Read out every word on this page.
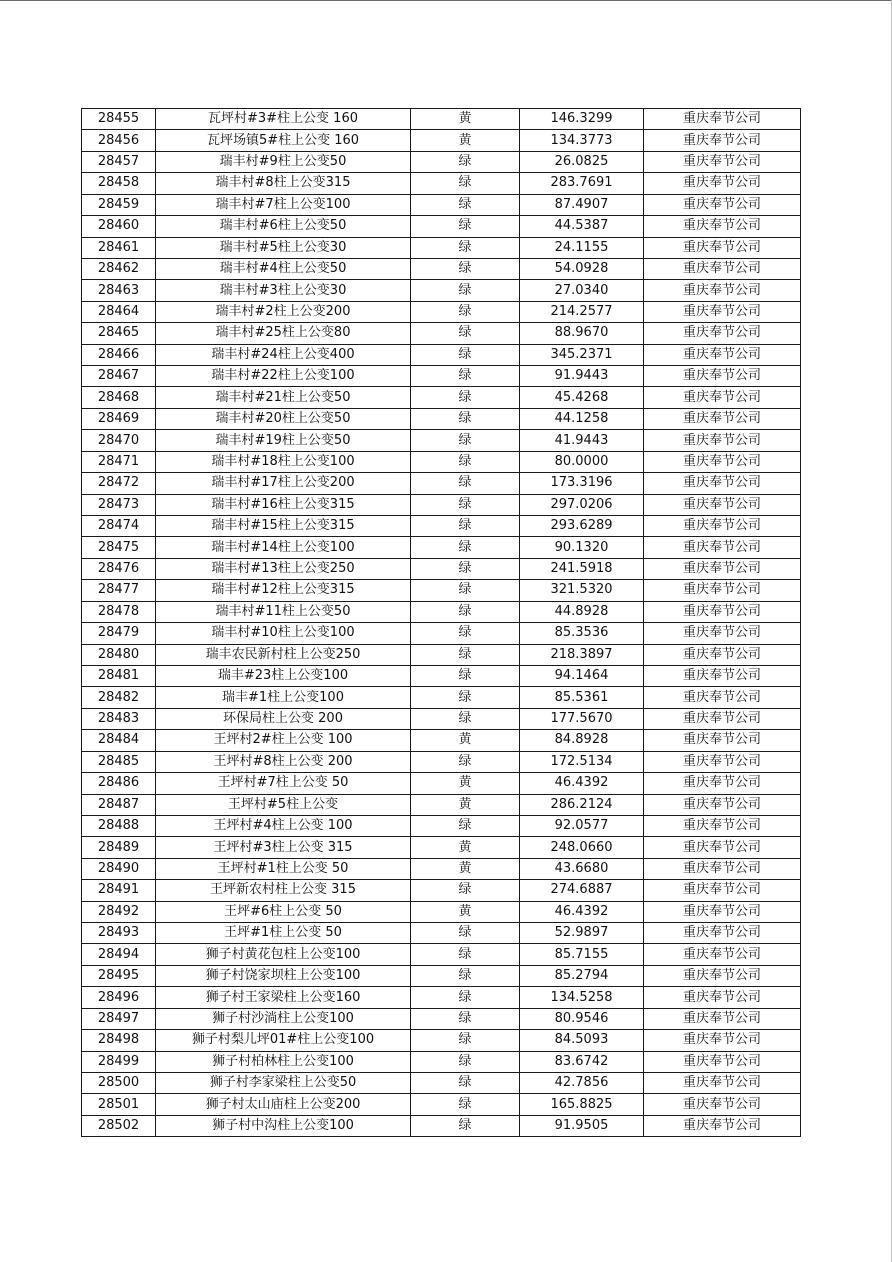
28455	瓦坪村#3#柱上公变 160	黄	146.3299	重庆奉节公司
28456	瓦坪场镇5#柱上公变 160	黄	134.3773	重庆奉节公司
28457	瑞丰村#9柱上公变50	绿	26.0825	重庆奉节公司
28458	瑞丰村#8柱上公变315	绿	283.7691	重庆奉节公司
28459	瑞丰村#7柱上公变100	绿	87.4907	重庆奉节公司
28460	瑞丰村#6柱上公变50	绿	44.5387	重庆奉节公司
28461	瑞丰村#5柱上公变30	绿	24.1155	重庆奉节公司
28462	瑞丰村#4柱上公变50	绿	54.0928	重庆奉节公司
28463	瑞丰村#3柱上公变30	绿	27.0340	重庆奉节公司
28464	瑞丰村#2柱上公变200	绿	214.2577	重庆奉节公司
28465	瑞丰村#25柱上公变80	绿	88.9670	重庆奉节公司
28466	瑞丰村#24柱上公变400	绿	345.2371	重庆奉节公司
28467	瑞丰村#22柱上公变100	绿	91.9443	重庆奉节公司
28468	瑞丰村#21柱上公变50	绿	45.4268	重庆奉节公司
28469	瑞丰村#20柱上公变50	绿	44.1258	重庆奉节公司
28470	瑞丰村#19柱上公变50	绿	41.9443	重庆奉节公司
28471	瑞丰村#18柱上公变100	绿	80.0000	重庆奉节公司
28472	瑞丰村#17柱上公变200	绿	173.3196	重庆奉节公司
28473	瑞丰村#16柱上公变315	绿	297.0206	重庆奉节公司
28474	瑞丰村#15柱上公变315	绿	293.6289	重庆奉节公司
28475	瑞丰村#14柱上公变100	绿	90.1320	重庆奉节公司
28476	瑞丰村#13柱上公变250	绿	241.5918	重庆奉节公司
28477	瑞丰村#12柱上公变315	绿	321.5320	重庆奉节公司
28478	瑞丰村#11柱上公变50	绿	44.8928	重庆奉节公司
28479	瑞丰村#10柱上公变100	绿	85.3536	重庆奉节公司
28480	瑞丰农民新村柱上公变250	绿	218.3897	重庆奉节公司
28481	瑞丰#23柱上公变100	绿	94.1464	重庆奉节公司
28482	瑞丰#1柱上公变100	绿	85.5361	重庆奉节公司
28483	环保局柱上公变 200	绿	177.5670	重庆奉节公司
28484	王坪村2#柱上公变 100	黄	84.8928	重庆奉节公司
28485	王坪村#8柱上公变 200	绿	172.5134	重庆奉节公司
28486	王坪村#7柱上公变 50	黄	46.4392	重庆奉节公司
28487	王坪村#5柱上公变	黄	286.2124	重庆奉节公司
28488	王坪村#4柱上公变 100	绿	92.0577	重庆奉节公司
28489	王坪村#3柱上公变 315	黄	248.0660	重庆奉节公司
28490	王坪村#1柱上公变 50	黄	43.6680	重庆奉节公司
28491	王坪新农村柱上公变 315	绿	274.6887	重庆奉节公司
28492	王坪#6柱上公变 50	黄	46.4392	重庆奉节公司
28493	王坪#1柱上公变 50	绿	52.9897	重庆奉节公司
28494	狮子村黄花包柱上公变100	绿	85.7155	重庆奉节公司
28495	狮子村饶家坝柱上公变100	绿	85.2794	重庆奉节公司
28496	狮子村王家梁柱上公变160	绿	134.5258	重庆奉节公司
28497	狮子村沙淌柱上公变100	绿	80.9546	重庆奉节公司
28498	狮子村梨儿坪01#柱上公变100	绿	84.5093	重庆奉节公司
28499	狮子村柏林柱上公变100	绿	83.6742	重庆奉节公司
28500	狮子村李家梁柱上公变50	绿	42.7856	重庆奉节公司
28501	狮子村太山庙柱上公变200	绿	165.8825	重庆奉节公司
28502	狮子村中沟柱上公变100	绿	91.9505	重庆奉节公司
